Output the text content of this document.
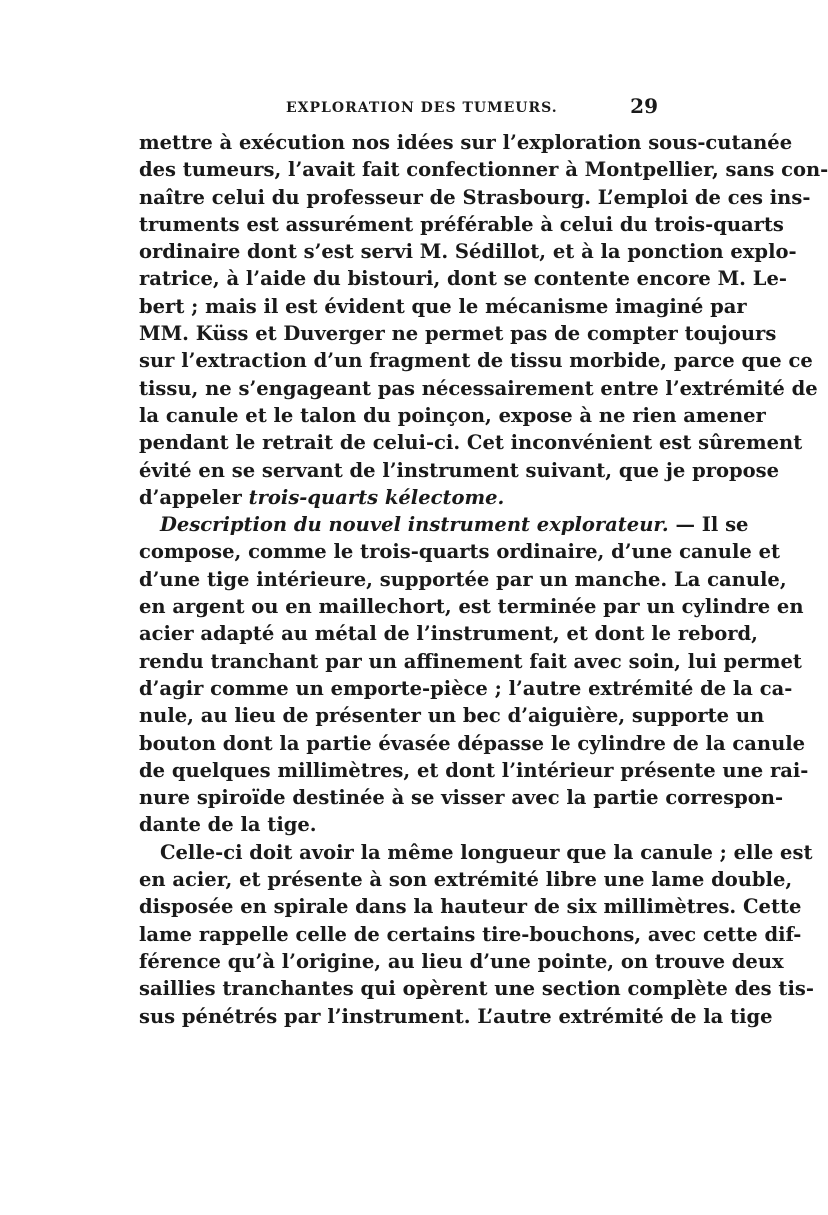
EXPLORATION DES TUMEURS.	29
mettre à exécution nos idées sur l’exploration sous-cutanée
des tumeurs, l’avait fait confectionner à Montpellier, sans con-
naître celui du professeur de Strasbourg. L’emploi de ces ins-
truments est assurément préférable à celui du trois-quarts
ordinaire dont s’est servi M. Sédillot, et à la ponction explo-
ratrice, à l’aide du bistouri, dont se contente encore M. Le-
bert ; mais il est évident que le mécanisme imaginé par
MM. Küss et Duverger ne permet pas de compter toujours
sur l’extraction d’un fragment de tissu morbide, parce que ce
tissu, ne s’engageant pas nécessairement entre l’extrémité de
la canule et le talon du poinçon, expose à ne rien amener
pendant le retrait de celui-ci. Cet inconvénient est sûrement
évité en se servant de l’instrument suivant, que je propose
d’appeler trois-quarts kélectome.
Description du nouvel instrument explorateur. — Il se
compose, comme le trois-quarts ordinaire, d’une canule et
d’une tige intérieure, supportée par un manche. La canule,
en argent ou en maillechort, est terminée par un cylindre en
acier adapté au métal de l’instrument, et dont le rebord,
rendu tranchant par un affinement fait avec soin, lui permet
d’agir comme un emporte-pièce ; l’autre extrémité de la ca-
nule, au lieu de présenter un bec d’aiguière, supporte un
bouton dont la partie évasée dépasse le cylindre de la canule
de quelques millimètres, et dont l’intérieur présente une rai-
nure spiroïde destinée à se visser avec la partie correspon-
dante de la tige.
Celle-ci doit avoir la même longueur que la canule ; elle est
en acier, et présente à son extrémité libre une lame double,
disposée en spirale dans la hauteur de six millimètres. Cette
lame rappelle celle de certains tire-bouchons, avec cette dif-
férence qu’à l’origine, au lieu d’une pointe, on trouve deux
saillies tranchantes qui opèrent une section complète des tis-
sus pénétrés par l’instrument. L’autre extrémité de la tige
